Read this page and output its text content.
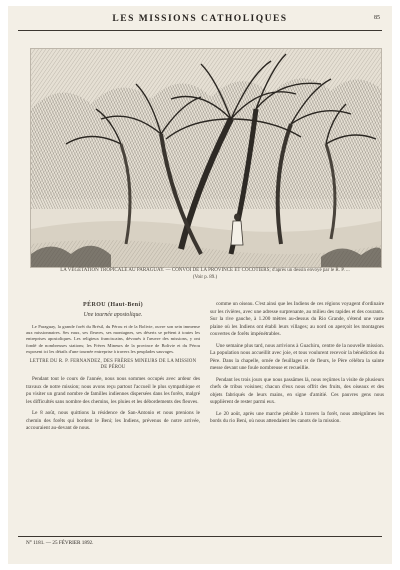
LES MISSIONS CATHOLIQUES	85
LA VÉGÉTATION TROPICALE AU PARAGUAY. — CONVOI DE LA PROVINCE ET COCOTIERS; d'après un dessin envoyé par le R. P. ...
(Voir p. 89.)
PÉROU (Haut-Beni)
Une tournée apostolique.

Le Paraguay, la grande forêt du Brésil, du Pérou et de la Bolivie, ouvre son sein immense aux missionnaires. Ses eaux, ses fleuves, ses montagnes, ses déserts se prêtent à toutes les entreprises apostoliques. Les religieux franciscains, dévoués à l'œuvre des missions, y ont fondé de nombreuses stations; les Frères Mineurs de la province de Bolivie et du Pérou exposent ici les détails d'une tournée entreprise à travers les peuplades sauvages.

LETTRE DU R. P. FERNANDEZ, DES FRÈRES MINEURS DE LA MISSION DE PÉROU

Pendant tout le cours de l'année, nous nous sommes occupés avec ardeur des travaux de notre mission; nous avons reçu partout l'accueil le plus sympathique et pu visiter un grand nombre de familles indiennes dispersées dans les forêts, malgré les difficultés sans nombre des chemins, les pluies et les débordements des fleuves.

Le 8 août, nous quittions la résidence de San-Antonio et nous prenions le chemin des forêts qui bordent le Beni; les Indiens, prévenus de notre arrivée, accouraient au-devant de nous.

comme un oiseau. C'est ainsi que les Indiens de ces régions voyagent d'ordinaire sur les rivières, avec une adresse surprenante, au milieu des rapides et des courants. Sur la rive gauche, à 1.200 mètres au-dessus du Rio Grande, s'étend une vaste plaine où les Indiens ont établi leurs villages; au nord on aperçoit les montagnes couvertes de forêts impénétrables.

Une semaine plus tard, nous arrivions à Guachiru, centre de la nouvelle mission. La population nous accueillit avec joie, et tous voulurent recevoir la bénédiction du Père. Dans la chapelle, ornée de feuillages et de fleurs, le Père célébra la sainte messe devant une foule nombreuse et recueillie.

Pendant les trois jours que nous passâmes là, nous reçûmes la visite de plusieurs chefs de tribus voisines; chacun d'eux nous offrit des fruits, des oiseaux et des objets fabriqués de leurs mains, en signe d'amitié. Ces pauvres gens nous supplièrent de rester parmi eux.

Le 20 août, après une marche pénible à travers la forêt, nous atteignîmes les bords du rio Beni, où nous attendaient les canots de la mission.

N° 1181. — 25 FÉVRIER 1892.
